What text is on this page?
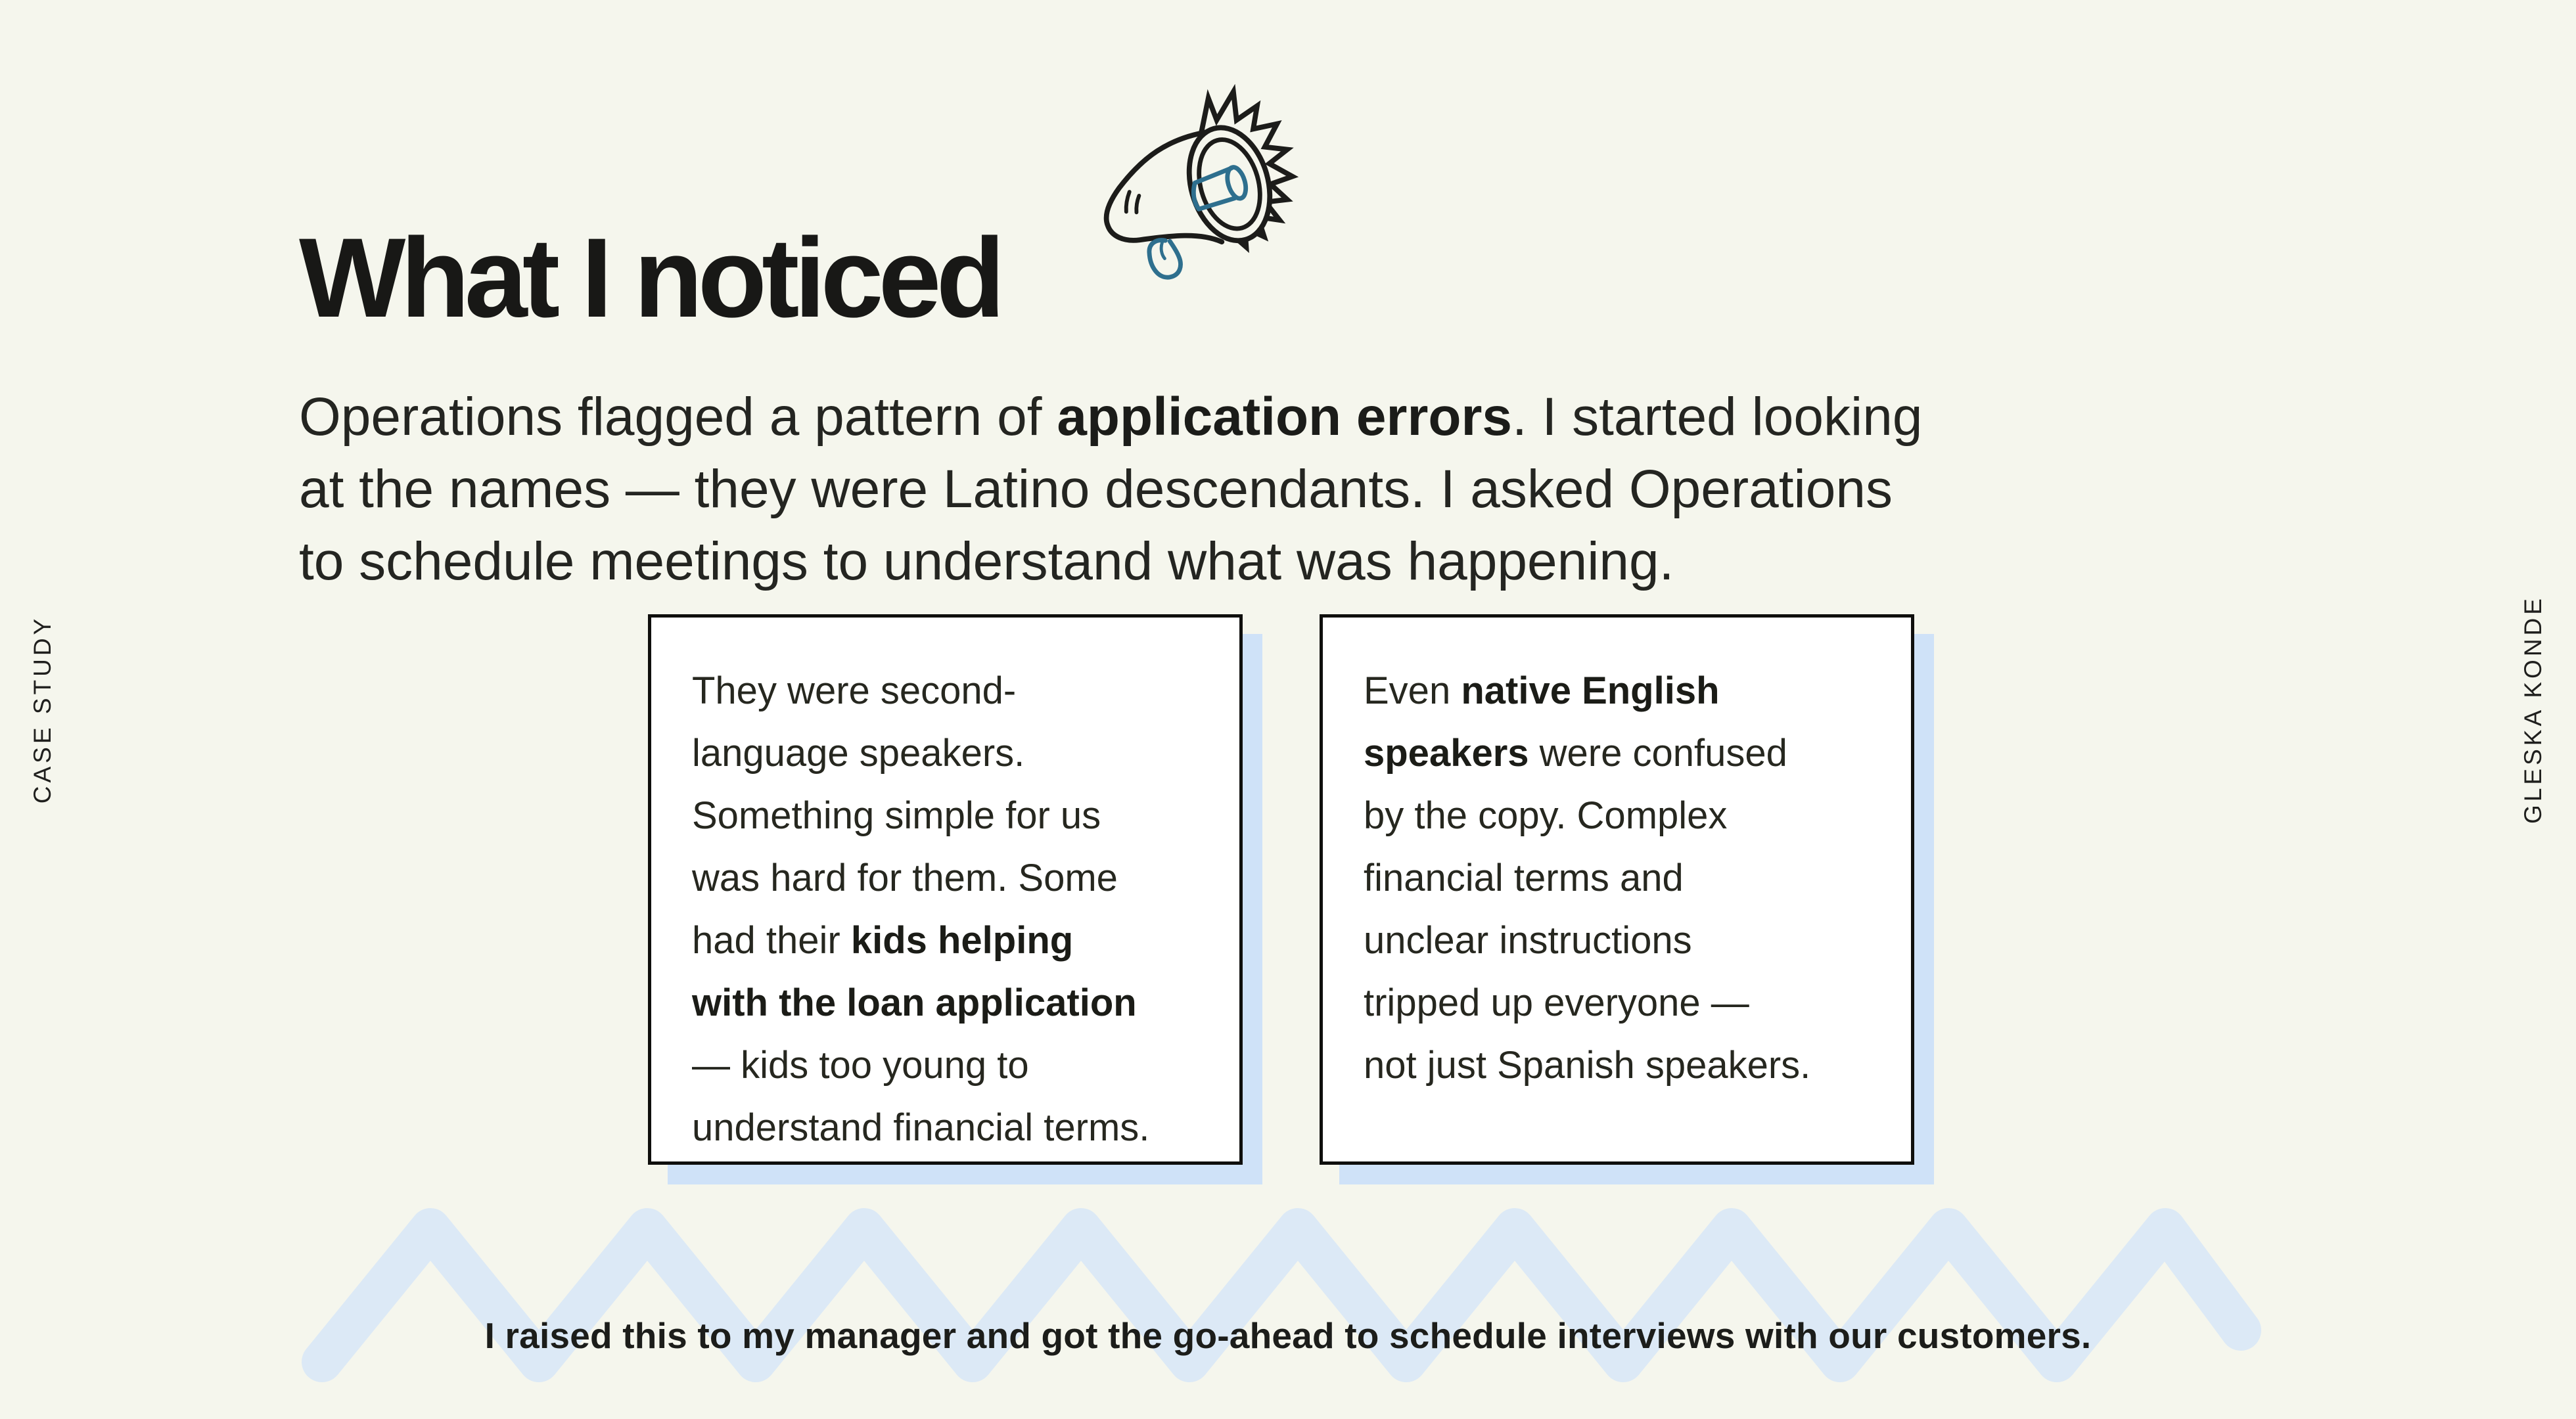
CASE STUDY	GLESKA KONDE
What I noticed

Operations flagged a pattern of application errors. I started looking
at the names — they were Latino descendants. I asked Operations
to schedule meetings to understand what was happening.

They were second-
language speakers.
Something simple for us
was hard for them. Some
had their kids helping
with the loan application
— kids too young to
understand financial terms.

Even native English
speakers were confused
by the copy. Complex
financial terms and
unclear instructions
tripped up everyone —
not just Spanish speakers.

I raised this to my manager and got the go-ahead to schedule interviews with our customers.
